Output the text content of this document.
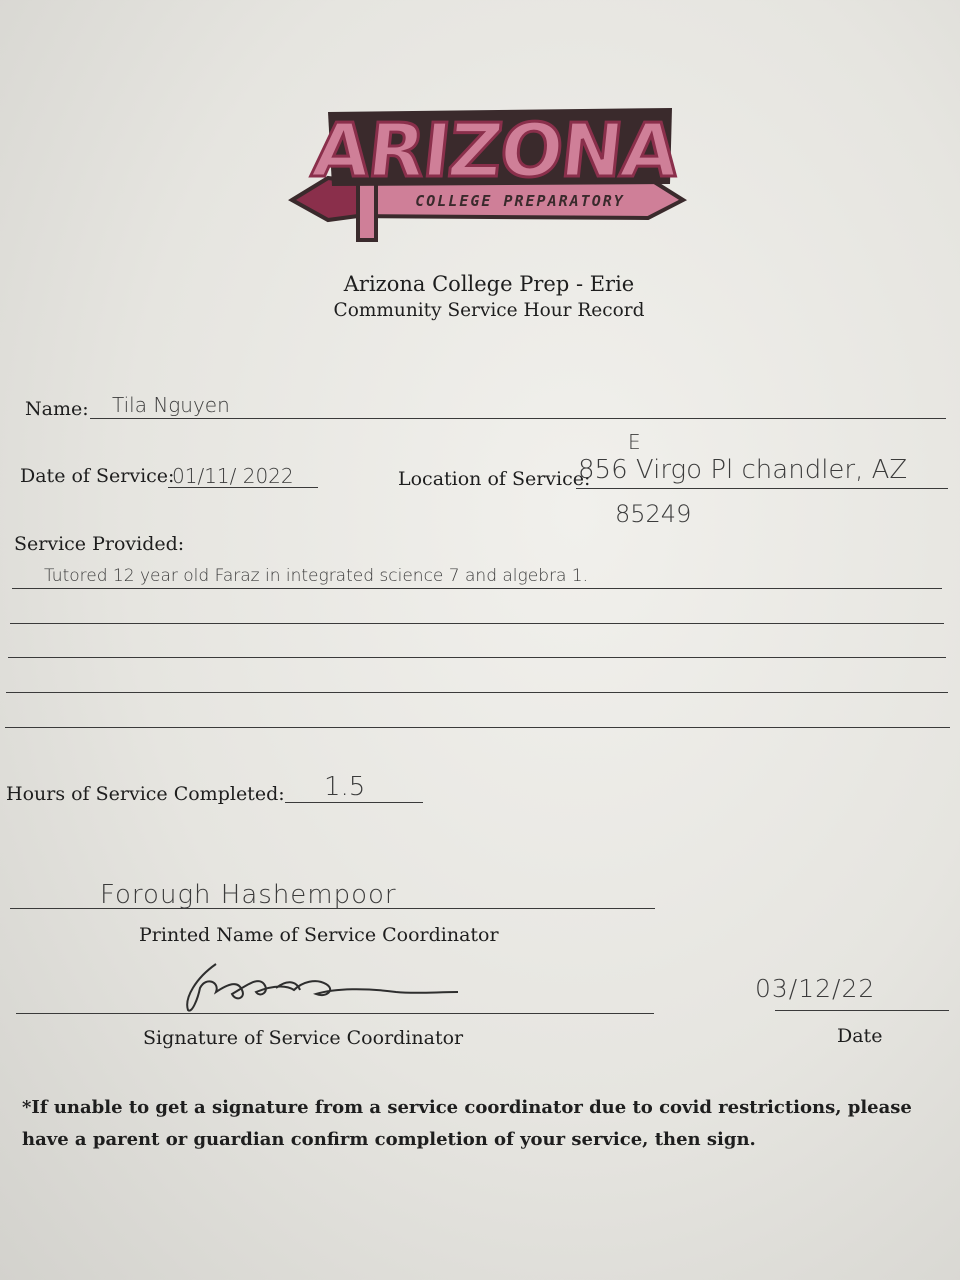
ARIZONA
COLLEGE PREPARATORY
Arizona College Prep - Erie
Community Service Hour Record
Name: Tila Nguyen
Date of Service:
01/11/ 2022	Location of Service:
E
856 Virgo Pl chandler, AZ
85249
Service Provided:
Tutored 12 year old Faraz in integrated science 7 and algebra 1.
Hours of Service Completed: 1.5
Forough Hashempoor
Printed Name of Service Coordinator
Signature of Service Coordinator
03/12/22
Date
*If unable to get a signature from a service coordinator due to covid restrictions, please have a parent or guardian confirm completion of your service, then sign.
